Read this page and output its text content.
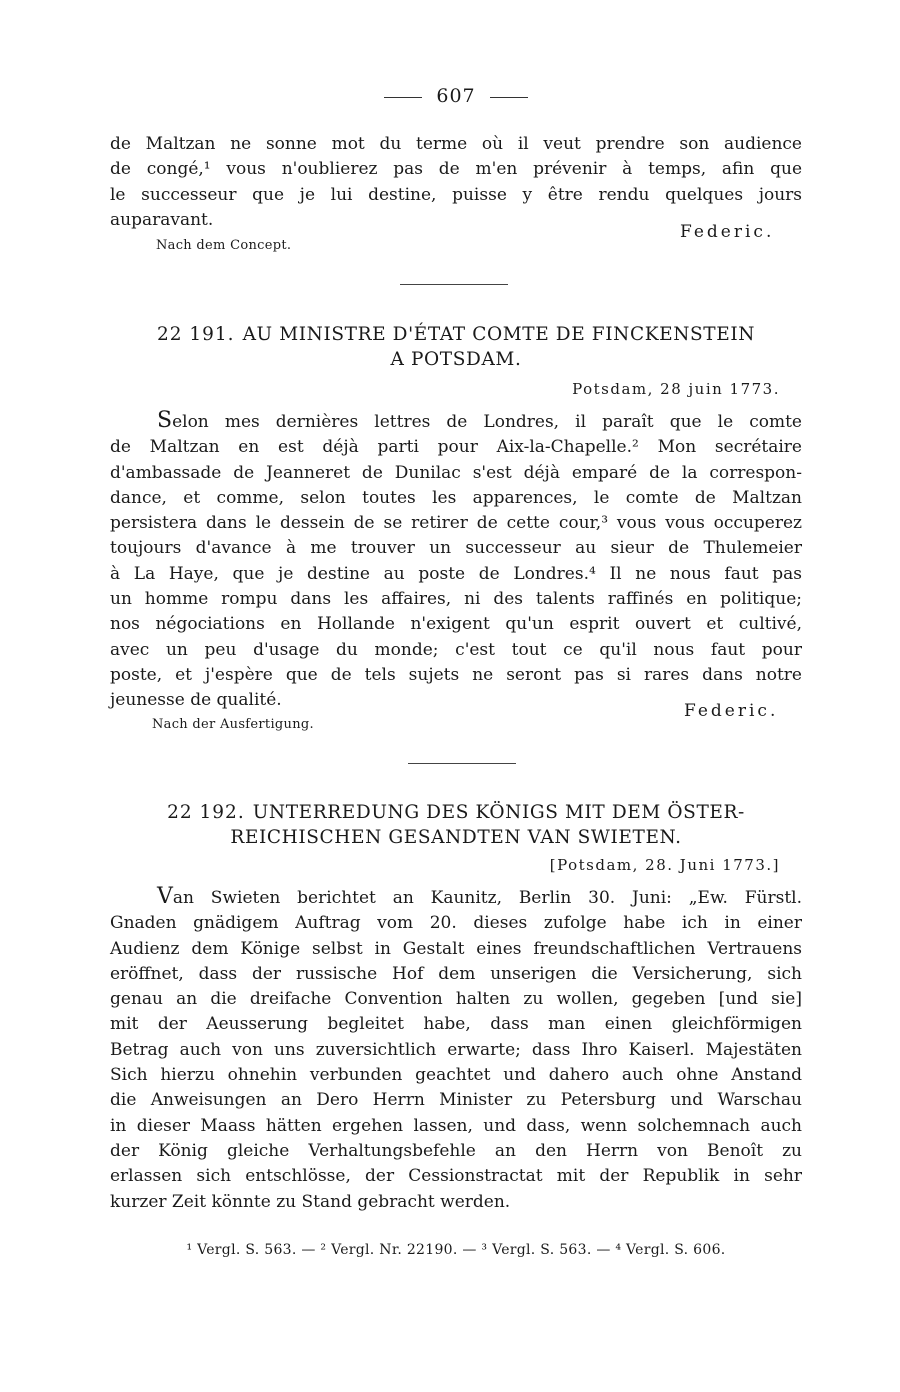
607
de Maltzan ne sonne mot du terme où il veut prendre son audience
de congé,¹ vous n'oublierez pas de m'en prévenir à temps, afin que
le successeur que je lui destine, puisse y être rendu quelques jours
auparavant.
Nach dem Concept.
Federic.
22 191. AU MINISTRE D'ÉTAT COMTE DE FINCKENSTEIN
A POTSDAM.
Potsdam, 28 juin 1773.
Selon mes dernières lettres de Londres, il paraît que le comte
de Maltzan en est déjà parti pour Aix-la-Chapelle.² Mon secrétaire
d'ambassade de Jeanneret de Dunilac s'est déjà emparé de la correspon-
dance, et comme, selon toutes les apparences, le comte de Maltzan
persistera dans le dessein de se retirer de cette cour,³ vous vous occuperez
toujours d'avance à me trouver un successeur au sieur de Thulemeier
à La Haye, que je destine au poste de Londres.⁴ Il ne nous faut pas
un homme rompu dans les affaires, ni des talents raffinés en politique;
nos négociations en Hollande n'exigent qu'un esprit ouvert et cultivé,
avec un peu d'usage du monde; c'est tout ce qu'il nous faut pour
poste, et j'espère que de tels sujets ne seront pas si rares dans notre
jeunesse de qualité.
Nach der Ausfertigung.
Federic.
22 192. UNTERREDUNG DES KÖNIGS MIT DEM ÖSTER-
REICHISCHEN GESANDTEN VAN SWIETEN.
[Potsdam, 28. Juni 1773.]
Van Swieten berichtet an Kaunitz, Berlin 30. Juni: „Ew. Fürstl.
Gnaden gnädigem Auftrag vom 20. dieses zufolge habe ich in einer
Audienz dem Könige selbst in Gestalt eines freundschaftlichen Vertrauens
eröffnet, dass der russische Hof dem unserigen die Versicherung, sich
genau an die dreifache Convention halten zu wollen, gegeben [und sie]
mit der Aeusserung begleitet habe, dass man einen gleichförmigen
Betrag auch von uns zuversichtlich erwarte; dass Ihro Kaiserl. Majestäten
Sich hierzu ohnehin verbunden geachtet und dahero auch ohne Anstand
die Anweisungen an Dero Herrn Minister zu Petersburg und Warschau
in dieser Maass hätten ergehen lassen, und dass, wenn solchemnach auch
der König gleiche Verhaltungsbefehle an den Herrn von Benoît zu
erlassen sich entschlösse, der Cessionstractat mit der Republik in sehr
kurzer Zeit könnte zu Stand gebracht werden.
¹ Vergl. S. 563. — ² Vergl. Nr. 22190. — ³ Vergl. S. 563. — ⁴ Vergl. S. 606.
